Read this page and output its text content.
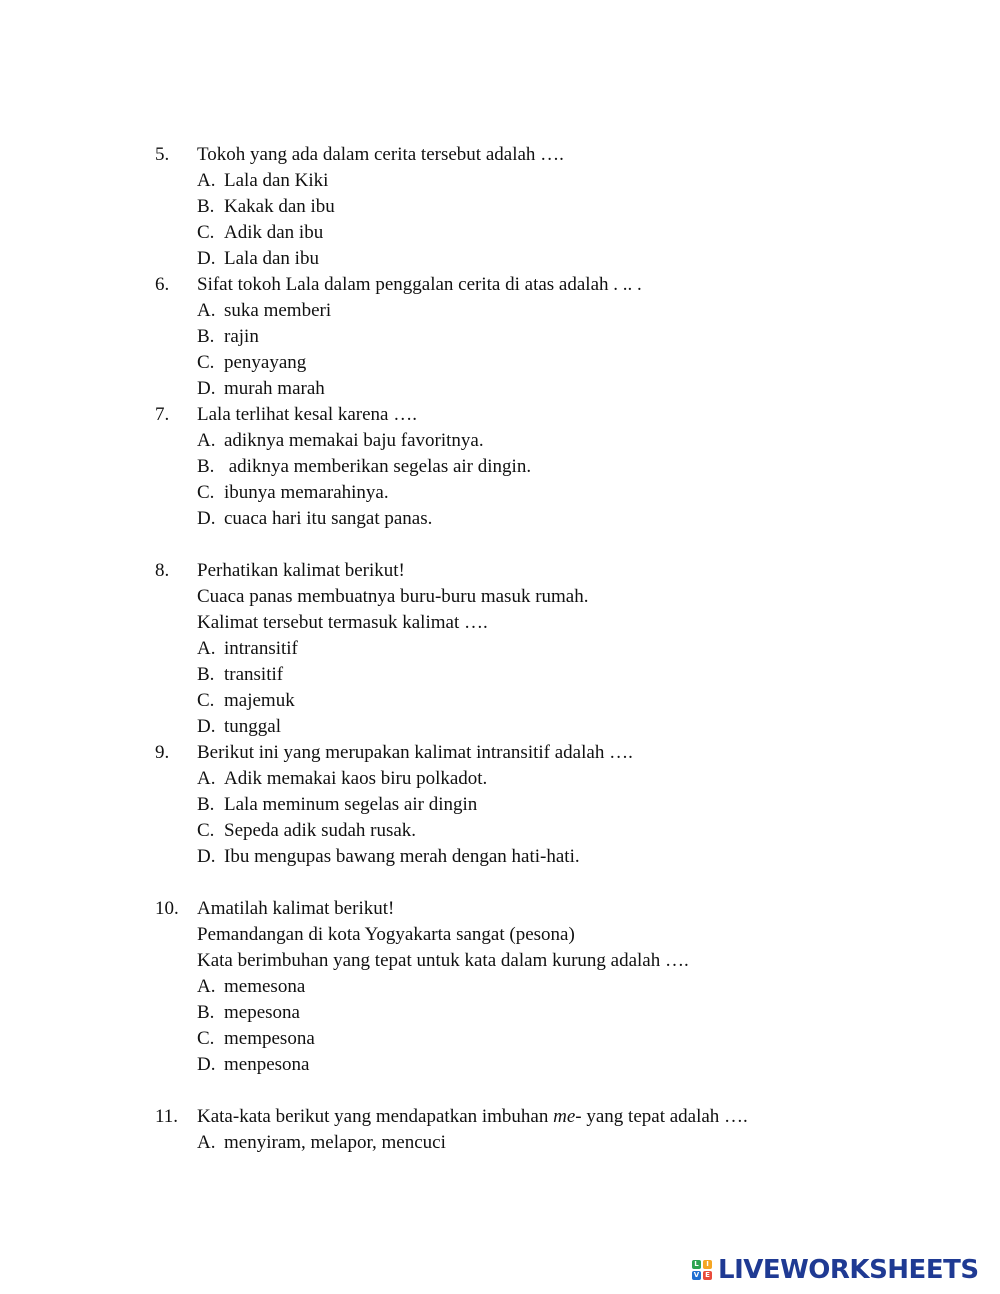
5. Tokoh yang ada dalam cerita tersebut adalah ….
A. Lala dan Kiki
B. Kakak dan ibu
C. Adik dan ibu
D. Lala dan ibu
6. Sifat tokoh Lala dalam penggalan cerita di atas adalah . .. .
A. suka memberi
B. rajin
C. penyayang
D. murah marah
7. Lala terlihat kesal karena ….
A. adiknya memakai baju favoritnya.
B. adiknya memberikan segelas air dingin.
C. ibunya memarahinya.
D. cuaca hari itu sangat panas.
8. Perhatikan kalimat berikut!
Cuaca panas membuatnya buru-buru masuk rumah.
Kalimat tersebut termasuk kalimat ….
A. intransitif
B. transitif
C. majemuk
D. tunggal
9. Berikut ini yang merupakan kalimat intransitif adalah ….
A. Adik memakai kaos biru polkadot.
B. Lala meminum segelas air dingin
C. Sepeda adik sudah rusak.
D. Ibu mengupas bawang merah dengan hati-hati.
10. Amatilah kalimat berikut!
Pemandangan di kota Yogyakarta sangat (pesona)
Kata berimbuhan yang tepat untuk kata dalam kurung adalah ….
A. memesona
B. mepesona
C. mempesona
D. menpesona
11. Kata-kata berikut yang mendapatkan imbuhan me- yang tepat adalah ….
A. menyiram, melapor, mencuci
L	I
V E LIVEWORKSHEETS
